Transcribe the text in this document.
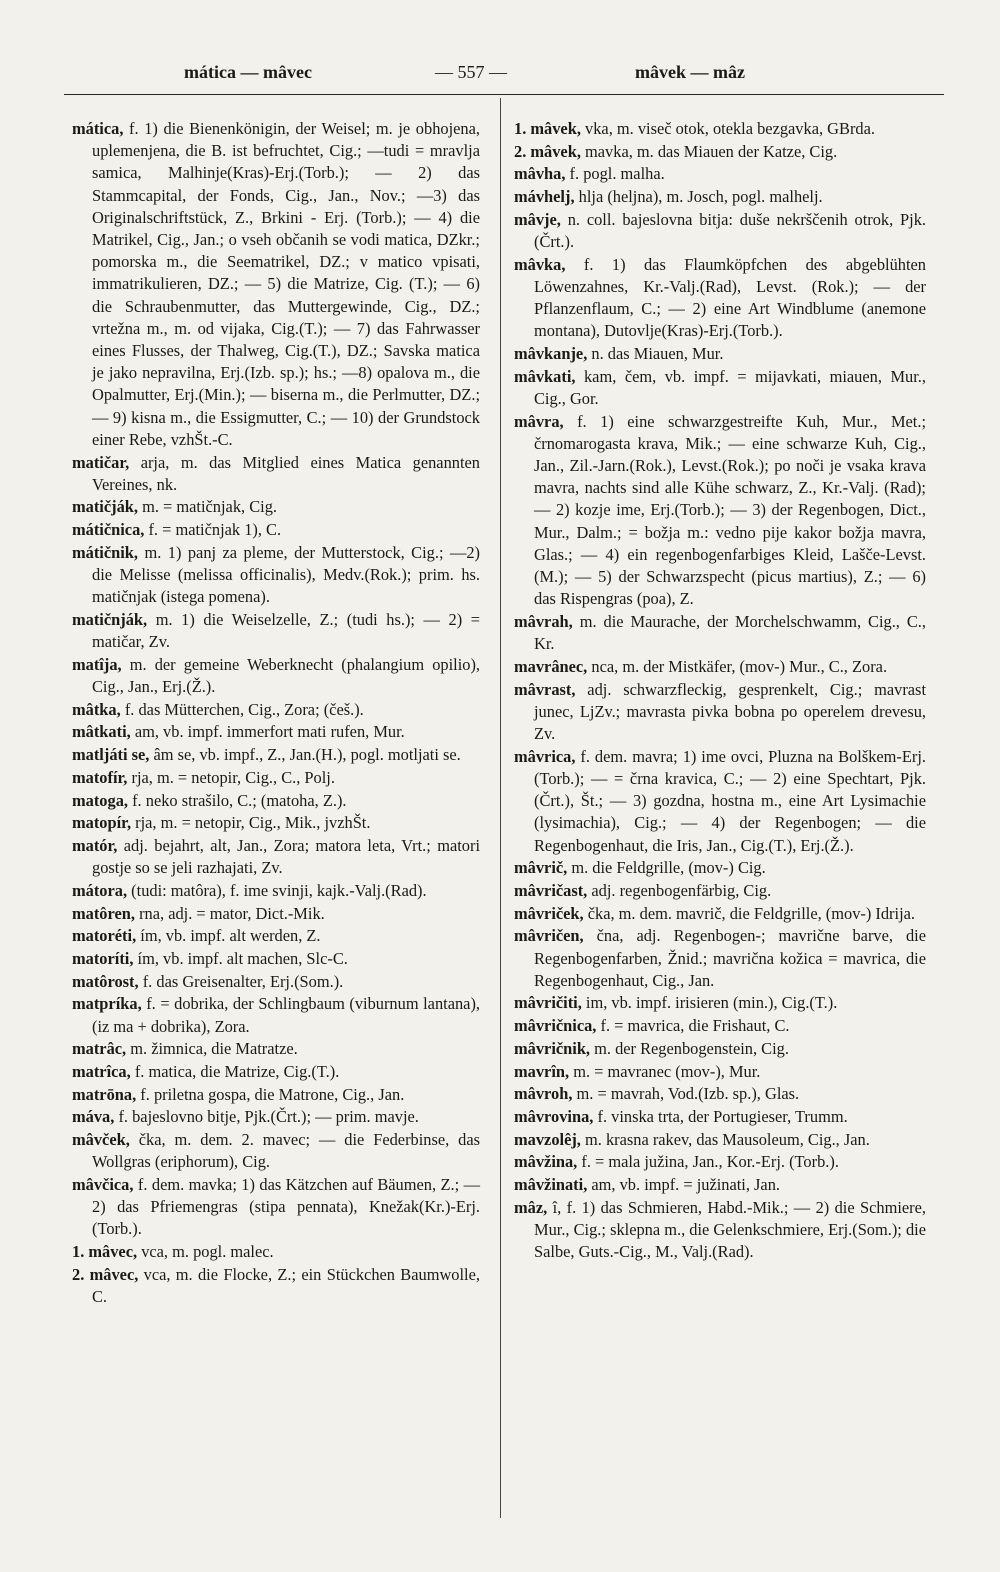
mática — mâvec	— 557 —	mâvek — mâz

mática, f. 1) die Bienenkönigin, der Weisel; m. je obhojena, uplemenjena, die B. ist befruchtet, Cig.; —tudi = mravlja samica, Malhinje(Kras)-Erj.(Torb.); — 2) das Stammcapital, der Fonds, Cig., Jan., Nov.; —3) das Originalschriftstück, Z., Brkini - Erj. (Torb.); — 4) die Matrikel, Cig., Jan.; o vseh občanih se vodi matica, DZkr.; pomorska m., die Seematrikel, DZ.; v matico vpisati, immatrikulieren, DZ.; — 5) die Matrize, Cig. (T.); — 6) die Schraubenmutter, das Muttergewinde, Cig., DZ.; vrtežna m., m. od vijaka, Cig.(T.); — 7) das Fahrwasser eines Flusses, der Thalweg, Cig.(T.), DZ.; Savska matica je jako nepravilna, Erj.(Izb. sp.); hs.; —8) opalova m., die Opalmutter, Erj.(Min.); — biserna m., die Perlmutter, DZ.; — 9) kisna m., die Essigmutter, C.; — 10) der Grundstock einer Rebe, vzhŠt.-C.

matičar, arja, m. das Mitglied eines Matica genannten Vereines, nk.

matičják, m. = matičnjak, Cig.

mátičnica, f. = matičnjak 1), C.

mátičnik, m. 1) panj za pleme, der Mutterstock, Cig.; —2) die Melisse (melissa officinalis), Medv.(Rok.); prim. hs. matičnjak (istega pomena).

matičnják, m. 1) die Weiselzelle, Z.; (tudi hs.); — 2) = matičar, Zv.

matîja, m. der gemeine Weberknecht (phalangium opilio), Cig., Jan., Erj.(Ž.).

mâtka, f. das Mütterchen, Cig., Zora; (češ.).

mâtkati, am, vb. impf. immerfort mati rufen, Mur.

matljáti se, âm se, vb. impf., Z., Jan.(H.), pogl. motljati se.

matofír, rja, m. = netopir, Cig., C., Polj.

matoga, f. neko strašilo, C.; (matoha, Z.).

matopír, rja, m. = netopir, Cig., Mik., jvzhŠt.

matór, adj. bejahrt, alt, Jan., Zora; matora leta, Vrt.; matori gostje so se jeli razhajati, Zv.

mátora, (tudi: matôra), f. ime svinji, kajk.-Valj.(Rad).

matôren, rna, adj. = mator, Dict.-Mik.

matoréti, ím, vb. impf. alt werden, Z.

matoríti, ím, vb. impf. alt machen, Slc-C.

matôrost, f. das Greisenalter, Erj.(Som.).

matpríka, f. = dobrika, der Schlingbaum (viburnum lantana), (iz ma + dobrika), Zora.

matrâc, m. žimnica, die Matratze.

matrîca, f. matica, die Matrize, Cig.(T.).

matrōna, f. priletna gospa, die Matrone, Cig., Jan.

máva, f. bajeslovno bitje, Pjk.(Črt.); — prim. mavje.

mâvček, čka, m. dem. 2. mavec; — die Federbinse, das Wollgras (eriphorum), Cig.

mâvčica, f. dem. mavka; 1) das Kätzchen auf Bäumen, Z.; — 2) das Pfriemengras (stipa pennata), Knežak(Kr.)-Erj.(Torb.).

1. mâvec, vca, m. pogl. malec.

2. mâvec, vca, m. die Flocke, Z.; ein Stückchen Baumwolle, C.

1. mâvek, vka, m. viseč otok, otekla bezgavka, GBrda.

2. mâvek, mavka, m. das Miauen der Katze, Cig.

mâvha, f. pogl. malha.

mávhelj, hlja (heljna), m. Josch, pogl. malhelj.

mâvje, n. coll. bajeslovna bitja: duše nekrščenih otrok, Pjk.(Črt.).

mâvka, f. 1) das Flaumköpfchen des abgeblühten Löwenzahnes, Kr.-Valj.(Rad), Levst. (Rok.); — der Pflanzenflaum, C.; — 2) eine Art Windblume (anemone montana), Dutovlje(Kras)-Erj.(Torb.).

mâvkanje, n. das Miauen, Mur.

mâvkati, kam, čem, vb. impf. = mijavkati, miauen, Mur., Cig., Gor.

mâvra, f. 1) eine schwarzgestreifte Kuh, Mur., Met.; črnomarogasta krava, Mik.; — eine schwarze Kuh, Cig., Jan., Zil.-Jarn.(Rok.), Levst.(Rok.); po noči je vsaka krava mavra, nachts sind alle Kühe schwarz, Z., Kr.-Valj. (Rad); — 2) kozje ime, Erj.(Torb.); — 3) der Regenbogen, Dict., Mur., Dalm.; = božja m.: vedno pije kakor božja mavra, Glas.; — 4) ein regenbogenfarbiges Kleid, Lašče-Levst.(M.); — 5) der Schwarzspecht (picus martius), Z.; — 6) das Rispengras (poa), Z.

mâvrah, m. die Maurache, der Morchelschwamm, Cig., C., Kr.

mavrânec, nca, m. der Mistkäfer, (mov-) Mur., C., Zora.

mâvrast, adj. schwarzfleckig, gesprenkelt, Cig.; mavrast junec, LjZv.; mavrasta pivka bobna po operelem drevesu, Zv.

mâvrica, f. dem. mavra; 1) ime ovci, Pluzna na Bolškem-Erj.(Torb.); — = črna kravica, C.; — 2) eine Spechtart, Pjk.(Črt.), Št.; — 3) gozdna, hostna m., eine Art Lysimachie (lysimachia), Cig.; — 4) der Regenbogen; — die Regenbogenhaut, die Iris, Jan., Cig.(T.), Erj.(Ž.).

mâvrič, m. die Feldgrille, (mov-) Cig.

mâvričast, adj. regenbogenfärbig, Cig.

mâvriček, čka, m. dem. mavrič, die Feldgrille, (mov-) Idrija.

mâvričen, čna, adj. Regenbogen-; mavrične barve, die Regenbogenfarben, Žnid.; mavrična kožica = mavrica, die Regenbogenhaut, Cig., Jan.

mâvričiti, im, vb. impf. irisieren (min.), Cig.(T.).

mâvričnica, f. = mavrica, die Frishaut, C.

mâvričnik, m. der Regenbogenstein, Cig.

mavrîn, m. = mavranec (mov-), Mur.

mâvroh, m. = mavrah, Vod.(Izb. sp.), Glas.

mâvrovina, f. vinska trta, der Portugieser, Trumm.

mavzolêj, m. krasna rakev, das Mausoleum, Cig., Jan.

mâvžina, f. = mala južina, Jan., Kor.-Erj. (Torb.).

mâvžinati, am, vb. impf. = južinati, Jan.

mâz, î, f. 1) das Schmieren, Habd.-Mik.; — 2) die Schmiere, Mur., Cig.; sklepna m., die Gelenkschmiere, Erj.(Som.); die Salbe, Guts.-Cig., M., Valj.(Rad).
